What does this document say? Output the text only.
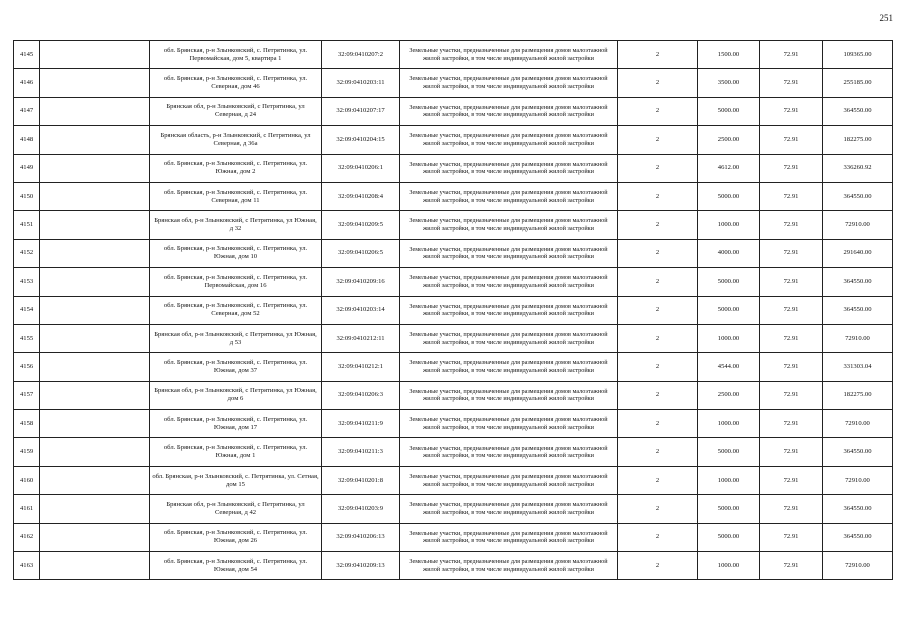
251
4145		обл. Брянская, р-н Злынковский, с. Петрятинка, ул. Первомайская, дом 5, квартира 1	32:09:0410207:2	Земельные участки, предназначенные для размещения домов малоэтажной жилой застройки, в том числе индивидуальной жилой застройки	2	1500.00	72.91	109365.00
4146		обл. Брянская, р-н Злынковский, с. Петрятинка, ул. Северная, дом 46	32:09:0410203:11	Земельные участки, предназначенные для размещения домов малоэтажной жилой застройки, в том числе индивидуальной жилой застройки	2	3500.00	72.91	255185.00
4147		Брянская обл, р-н Злынковский, с Петрятинка, ул Северная, д 24	32:09:0410207:17	Земельные участки, предназначенные для размещения домов малоэтажной жилой застройки, в том числе индивидуальной жилой застройки	2	5000.00	72.91	364550.00
4148		Брянская область, р-н Злынковский, с Петрятинка, ул Северная, д 36а	32:09:0410204:15	Земельные участки, предназначенные для размещения домов малоэтажной жилой застройки, в том числе индивидуальной жилой застройки	2	2500.00	72.91	182275.00
4149		обл. Брянская, р-н Злынковский, с. Петрятинка, ул. Южная, дом 2	32:09:0410206:1	Земельные участки, предназначенные для размещения домов малоэтажной жилой застройки, в том числе индивидуальной жилой застройки	2	4612.00	72.91	336260.92
4150		обл. Брянская, р-н Злынковский, с. Петрятинка, ул. Северная, дом 11	32:09:0410208:4	Земельные участки, предназначенные для размещения домов малоэтажной жилой застройки, в том числе индивидуальной жилой застройки	2	5000.00	72.91	364550.00
4151		Брянская обл, р-н Злынковский, с Петрятинка, ул Южная, д 32	32:09:0410209:5	Земельные участки, предназначенные для размещения домов малоэтажной жилой застройки, в том числе индивидуальной жилой застройки	2	1000.00	72.91	72910.00
4152		обл. Брянская, р-н Злынковский, с. Петрятинка, ул. Южная, дом 10	32:09:0410206:5	Земельные участки, предназначенные для размещения домов малоэтажной жилой застройки, в том числе индивидуальной жилой застройки	2	4000.00	72.91	291640.00
4153		обл. Брянская, р-н Злынковский, с. Петрятинка, ул. Первомайская, дом 16	32:09:0410209:16	Земельные участки, предназначенные для размещения домов малоэтажной жилой застройки, в том числе индивидуальной жилой застройки	2	5000.00	72.91	364550.00
4154		обл. Брянская, р-н Злынковский, с. Петрятинка, ул. Северная, дом 52	32:09:0410203:14	Земельные участки, предназначенные для размещения домов малоэтажной жилой застройки, в том числе индивидуальной жилой застройки	2	5000.00	72.91	364550.00
4155		Брянская обл, р-н Злынковский, с Петрятинка, ул Южная, д 53	32:09:0410212:11	Земельные участки, предназначенные для размещения домов малоэтажной жилой застройки, в том числе индивидуальной жилой застройки	2	1000.00	72.91	72910.00
4156		обл. Брянская, р-н Злынковский, с. Петрятинка, ул. Южная, дом 37	32:09:0410212:1	Земельные участки, предназначенные для размещения домов малоэтажной жилой застройки, в том числе индивидуальной жилой застройки	2	4544.00	72.91	331303.04
4157		Брянская обл, р-н Злынковский, с Петрятинка, ул Южная, дом 6	32:09:0410206:3	Земельные участки, предназначенные для размещения домов малоэтажной жилой застройки, в том числе индивидуальной жилой застройки	2	2500.00	72.91	182275.00
4158		обл. Брянская, р-н Злынковский, с. Петрятинка, ул. Южная, дом 17	32:09:0410211:9	Земельные участки, предназначенные для размещения домов малоэтажной жилой застройки, в том числе индивидуальной жилой застройки	2	1000.00	72.91	72910.00
4159		обл. Брянская, р-н Злынковский, с. Петрятинка, ул. Южная, дом 1	32:09:0410211:3	Земельные участки, предназначенные для размещения домов малоэтажной жилой застройки, в том числе индивидуальной жилой застройки	2	5000.00	72.91	364550.00
4160		обл. Брянская, р-н Злынковский, с. Петрятинка, ул. Сетная, дом 15	32:09:0410201:8	Земельные участки, предназначенные для размещения домов малоэтажной жилой застройки, в том числе индивидуальной жилой застройки	2	1000.00	72.91	72910.00
4161		Брянская обл, р-н Злынковский, с Петрятинка, ул Северная, д 42	32:09:0410203:9	Земельные участки, предназначенные для размещения домов малоэтажной жилой застройки, в том числе индивидуальной жилой застройки	2	5000.00	72.91	364550.00
4162		обл. Брянская, р-н Злынковский, с. Петрятинка, ул. Южная, дом 26	32:09:0410206:13	Земельные участки, предназначенные для размещения домов малоэтажной жилой застройки, в том числе индивидуальной жилой застройки	2	5000.00	72.91	364550.00
4163		обл. Брянская, р-н Злынковский, с. Петрятинка, ул. Южная, дом 54	32:09:0410209:13	Земельные участки, предназначенные для размещения домов малоэтажной жилой застройки, в том числе индивидуальной жилой застройки	2	1000.00	72.91	72910.00
